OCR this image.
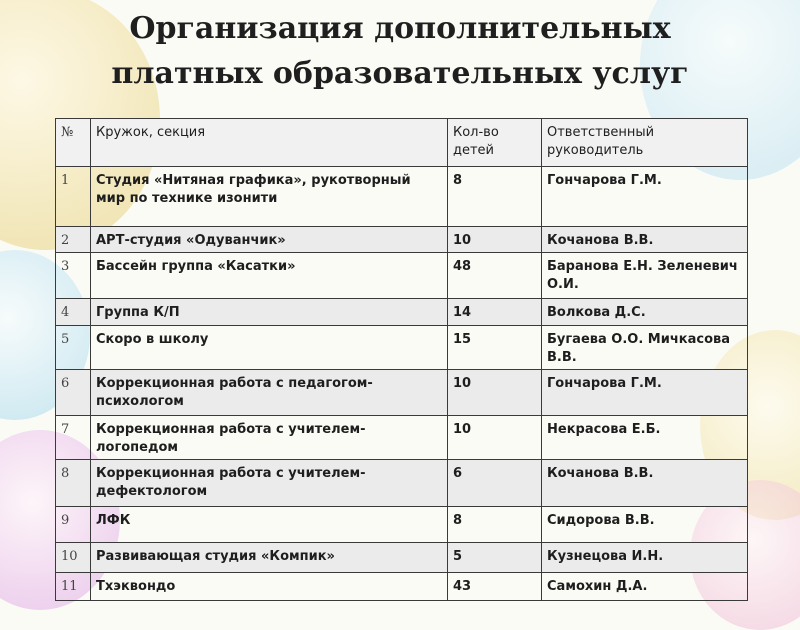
Организация дополнительных
платных образовательных услуг
№	Кружок, секция	Кол-во детей	Ответственный руководитель
1	Студия «Нитяная графика», рукотворный мир по технике изонити	8	Гончарова Г.М.
2	АРТ-студия «Одуванчик»	10	Кочанова В.В.
3	Бассейн группа «Касатки»	48	Баранова Е.Н. Зеленевич О.И.
4	Группа К/П	14	Волкова Д.С.
5	Скоро в школу	15	Бугаева О.О. Мичкасова В.В.
6	Коррекционная работа с педагогом-психологом	10	Гончарова Г.М.
7	Коррекционная работа с учителем-логопедом	10	Некрасова Е.Б.
8	Коррекционная работа с учителем-дефектологом	6	Кочанова В.В.
9	ЛФК	8	Сидорова В.В.
10	Развивающая студия «Компик»	5	Кузнецова И.Н.
11	Тхэквондо	43	Самохин Д.А.
